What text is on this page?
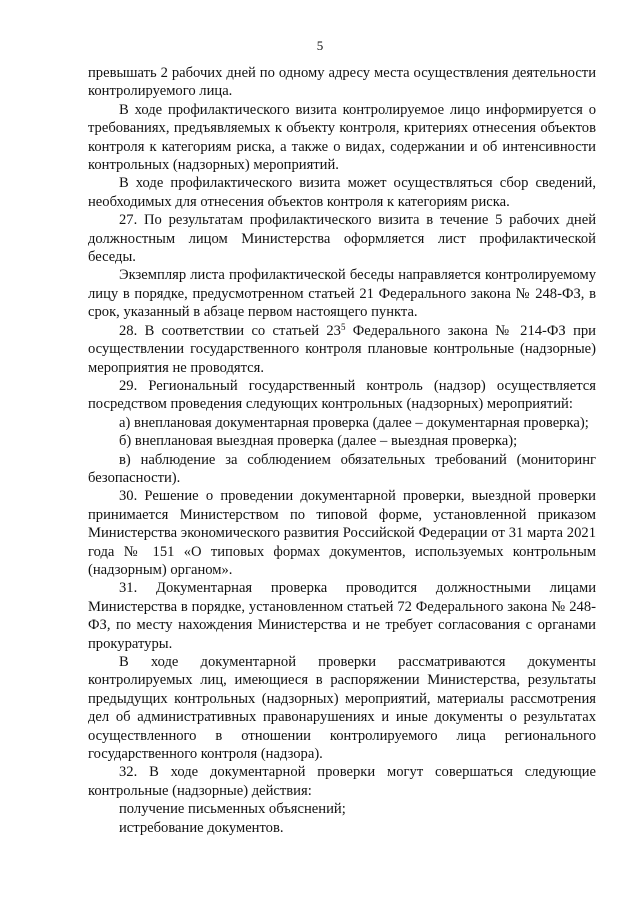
5

превышать 2 рабочих дней по одному адресу места осуществления деятельности контролируемого лица.

В ходе профилактического визита контролируемое лицо информируется о требованиях, предъявляемых к объекту контроля, критериях отнесения объектов контроля к категориям риска, а также о видах, содержании и об интенсивности контрольных (надзорных) мероприятий.

В ходе профилактического визита может осуществляться сбор сведений, необходимых для отнесения объектов контроля к категориям риска.

27. По результатам профилактического визита в течение 5 рабочих дней должностным лицом Министерства оформляется лист профилактической беседы.

Экземпляр листа профилактической беседы направляется контролируемому лицу в порядке, предусмотренном статьей 21 Федерального закона № 248-ФЗ, в срок, указанный в абзаце первом настоящего пункта.

28. В соответствии со статьей $23^5$ Федерального закона № 214-ФЗ при осуществлении государственного контроля плановые контрольные (надзорные) мероприятия не проводятся.

29. Региональный государственный контроль (надзор) осуществляется посредством проведения следующих контрольных (надзорных) мероприятий:

а) внеплановая документарная проверка (далее – документарная проверка);

б) внеплановая выездная проверка (далее – выездная проверка);

в) наблюдение за соблюдением обязательных требований (мониторинг безопасности).

30. Решение о проведении документарной проверки, выездной проверки принимается Министерством по типовой форме, установленной приказом Министерства экономического развития Российской Федерации от 31 марта 2021 года № 151 «О типовых формах документов, используемых контрольным (надзорным) органом».

31. Документарная проверка проводится должностными лицами Министерства в порядке, установленном статьей 72 Федерального закона № 248-ФЗ, по месту нахождения Министерства и не требует согласования с органами прокуратуры.

В ходе документарной проверки рассматриваются документы контролируемых лиц, имеющиеся в распоряжении Министерства, результаты предыдущих контрольных (надзорных) мероприятий, материалы рассмотрения дел об административных правонарушениях и иные документы о результатах осуществленного в отношении контролируемого лица регионального государственного контроля (надзора).

32. В ходе документарной проверки могут совершаться следующие контрольные (надзорные) действия:

получение письменных объяснений;

истребование документов.
